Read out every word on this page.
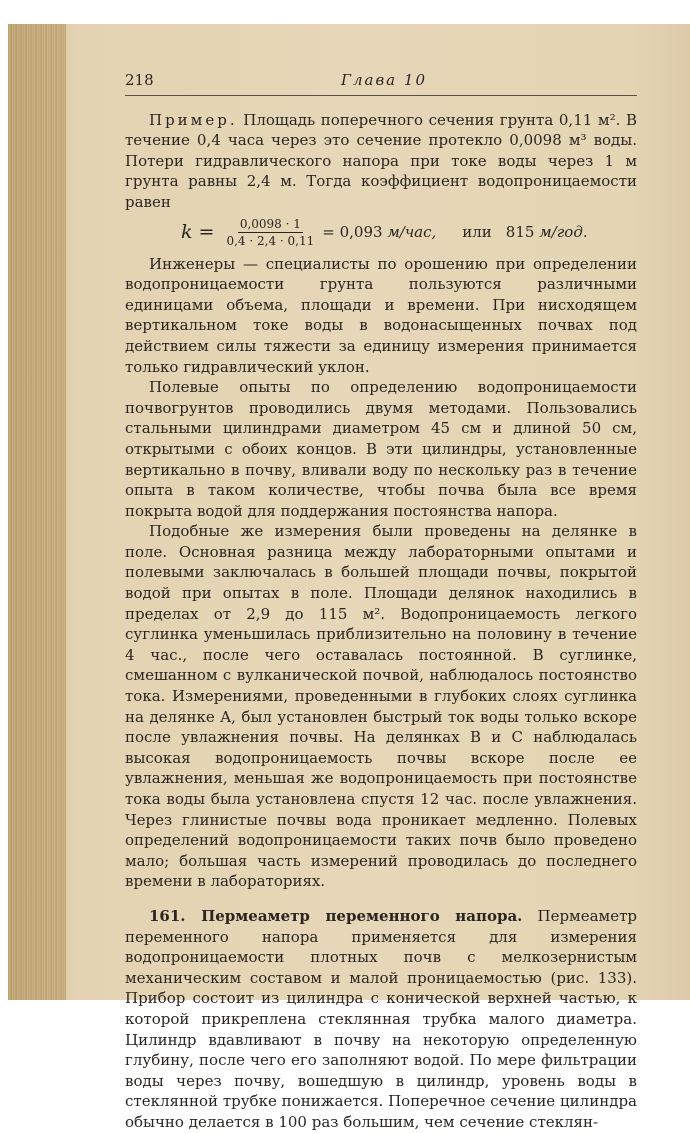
218	Глава 10

Пример. Площадь поперечного сечения грунта 0,11 м². В течение 0,4 часа через это сечение протекло 0,0098 м³ воды. Потери гидравлического напора при токе воды через 1 м грунта равны 2,4 м. Тогда коэффициент водопроницаемости равен

$k = \frac{0,0098 \cdot 1}{0,4 \cdot 2,4 \cdot 0,11} = 0,093$
м/час, или 815
м/год.

Инженеры — специалисты по орошению при определении водопроницаемости грунта пользуются различными единицами объема, площади и времени. При нисходящем вертикальном токе воды в водонасыщенных почвах под действием силы тяжести за единицу измерения принимается только гидравлический уклон.

Полевые опыты по определению водопроницаемости почвогрунтов проводились двумя методами. Пользовались стальными цилиндрами диаметром 45 см и длиной 50 см, открытыми с обоих концов. В эти цилиндры, установленные вертикально в почву, вливали воду по нескольку раз в течение опыта в таком количестве, чтобы почва была все время покрыта водой для поддержания постоянства напора.

Подобные же измерения были проведены на делянке в поле. Основная разница между лабораторными опытами и полевыми заключалась в большей площади почвы, покрытой водой при опытах в поле. Площади делянок находились в пределах от 2,9 до 115 м². Водопроницаемость легкого суглинка уменьшилась приблизительно на половину в течение 4 час., после чего оставалась постоянной. В суглинке, смешанном с вулканической почвой, наблюдалось постоянство тока. Измерениями, проведенными в глубоких слоях суглинка на делянке A, был установлен быстрый ток воды только вскоре после увлажнения почвы. На делянках B и C наблюдалась высокая водопроницаемость почвы вскоре после ее увлажнения, меньшая же водопроницаемость при постоянстве тока воды была установлена спустя 12 час. после увлажнения. Через глинистые почвы вода проникает медленно. Полевых определений водопроницаемости таких почв было проведено мало; большая часть измерений проводилась до последнего времени в лабораториях.

161. Пермеаметр переменного напора. Пермеаметр переменного напора применяется для измерения водопроницаемости плотных почв с мелкозернистым механическим составом и малой проницаемостью (рис. 133). Прибор состоит из цилиндра с конической верхней частью, к которой прикреплена стеклянная трубка малого диаметра. Цилиндр вдавливают в почву на некоторую определенную глубину, после чего его заполняют водой. По мере фильтрации воды через почву, вошедшую в цилиндр, уровень воды в стеклянной трубке понижается. Поперечное сечение цилиндра обычно делается в 100 раз большим, чем сечение стеклян-
